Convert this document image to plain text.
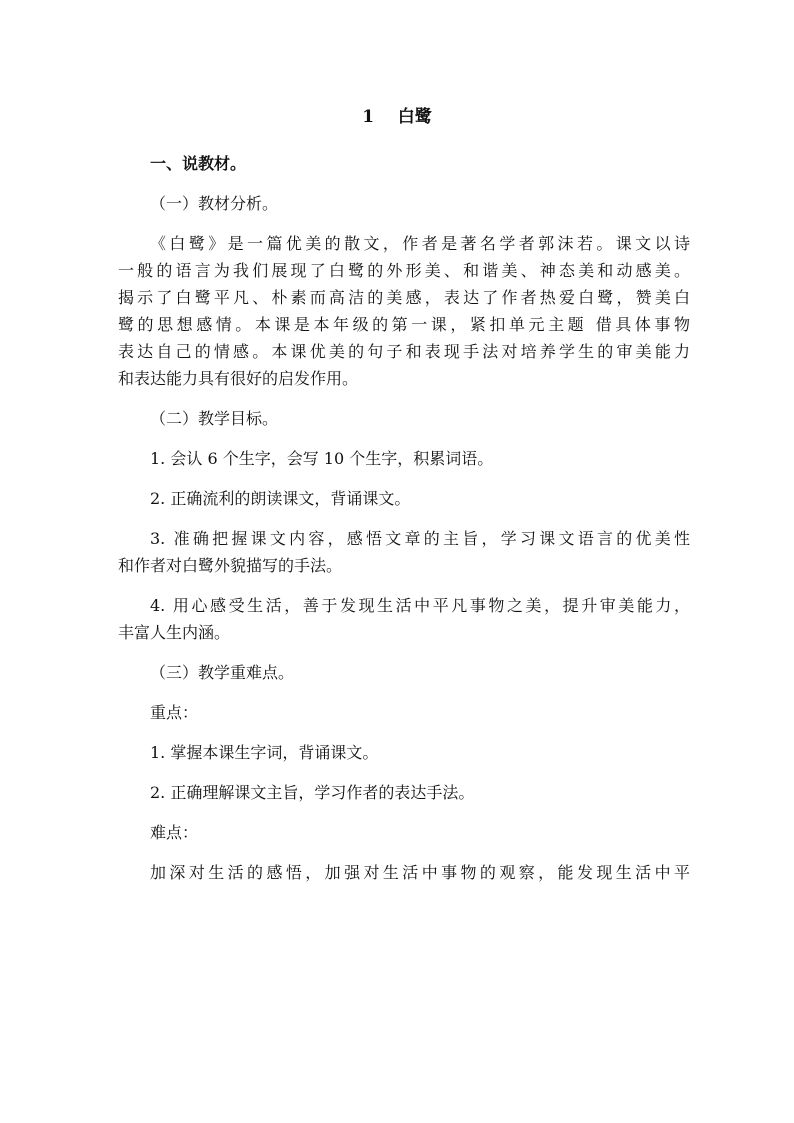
1    白鹭

一、说教材。

（一）教材分析。

《白鹭》是一篇优美的散文，作者是著名学者郭沫若。课文以诗
一般的语言为我们展现了白鹭的外形美、和谐美、神态美和动感美。
揭示了白鹭平凡、朴素而高洁的美感，表达了作者热爱白鹭，赞美白
鹭的思想感情。本课是本年级的第一课，紧扣单元主题 借具体事物
表达自己的情感。本课优美的句子和表现手法对培养学生的审美能力
和表达能力具有很好的启发作用。

（二）教学目标。

1. 会认 6 个生字，会写 10 个生字，积累词语。

2. 正确流利的朗读课文，背诵课文。

3. 准确把握课文内容，感悟文章的主旨，学习课文语言的优美性
和作者对白鹭外貌描写的手法。
4. 用心感受生活，善于发现生活中平凡事物之美，提升审美能力，
丰富人生内涵。

（三）教学重难点。

重点：

1. 掌握本课生字词，背诵课文。

2. 正确理解课文主旨，学习作者的表达手法。

难点：

加深对生活的感悟，加强对生活中事物的观察，能发现生活中平
